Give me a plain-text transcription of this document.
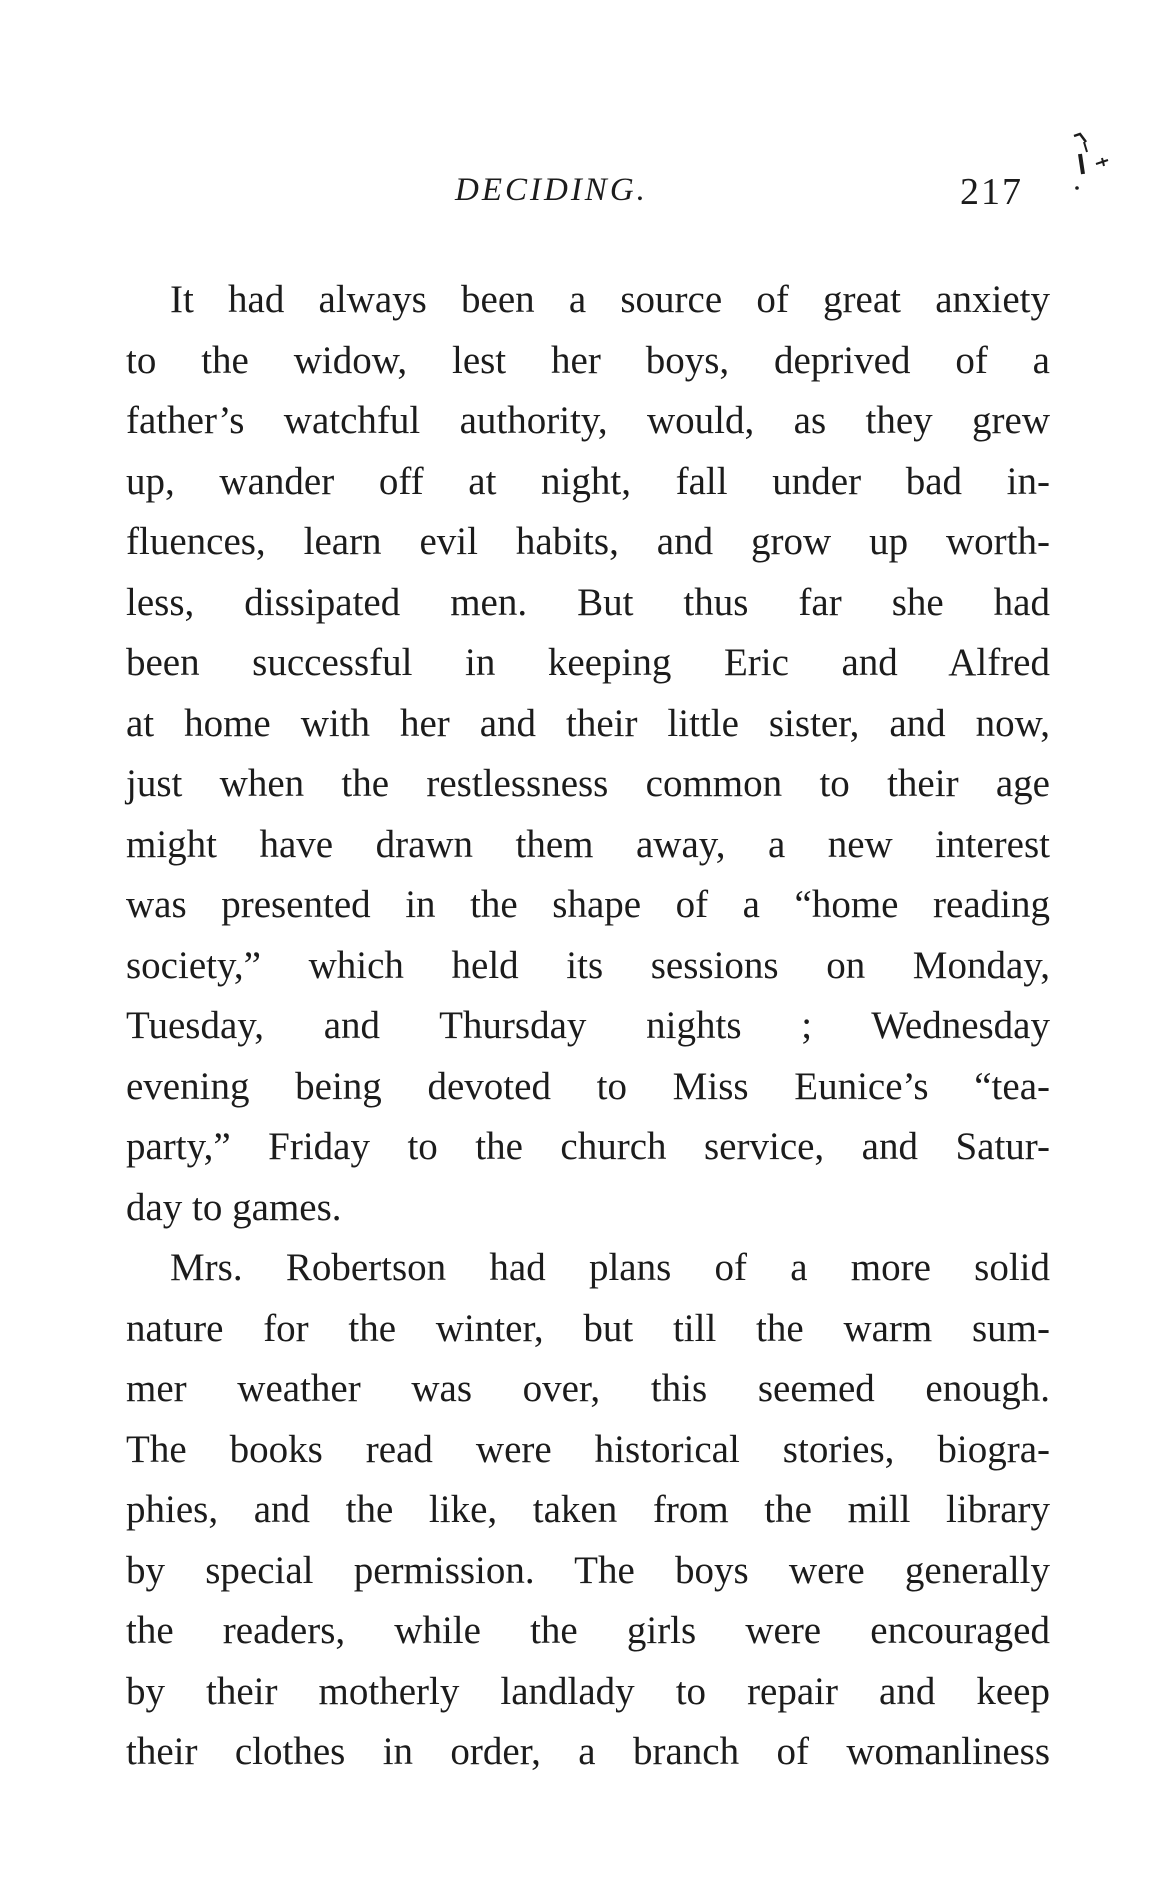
DECIDING.	217
It had always been a source of great anxiety
to the widow, lest her boys, deprived of a
father’s watchful authority, would, as they grew
up, wander off at night, fall under bad in-
fluences, learn evil habits, and grow up worth-
less, dissipated men. But thus far she had
been successful in keeping Eric and Alfred
at home with her and their little sister, and now,
just when the restlessness common to their age
might have drawn them away, a new interest
was presented in the shape of a “home reading
society,” which held its sessions on Monday,
Tuesday, and Thursday nights ; Wednesday
evening being devoted to Miss Eunice’s “tea-
party,” Friday to the church service, and Satur-
day to games.
Mrs. Robertson had plans of a more solid
nature for the winter, but till the warm sum-
mer weather was over, this seemed enough.
The books read were historical stories, biogra-
phies, and the like, taken from the mill library
by special permission. The boys were generally
the readers, while the girls were encouraged
by their motherly landlady to repair and keep
their clothes in order, a branch of womanliness
